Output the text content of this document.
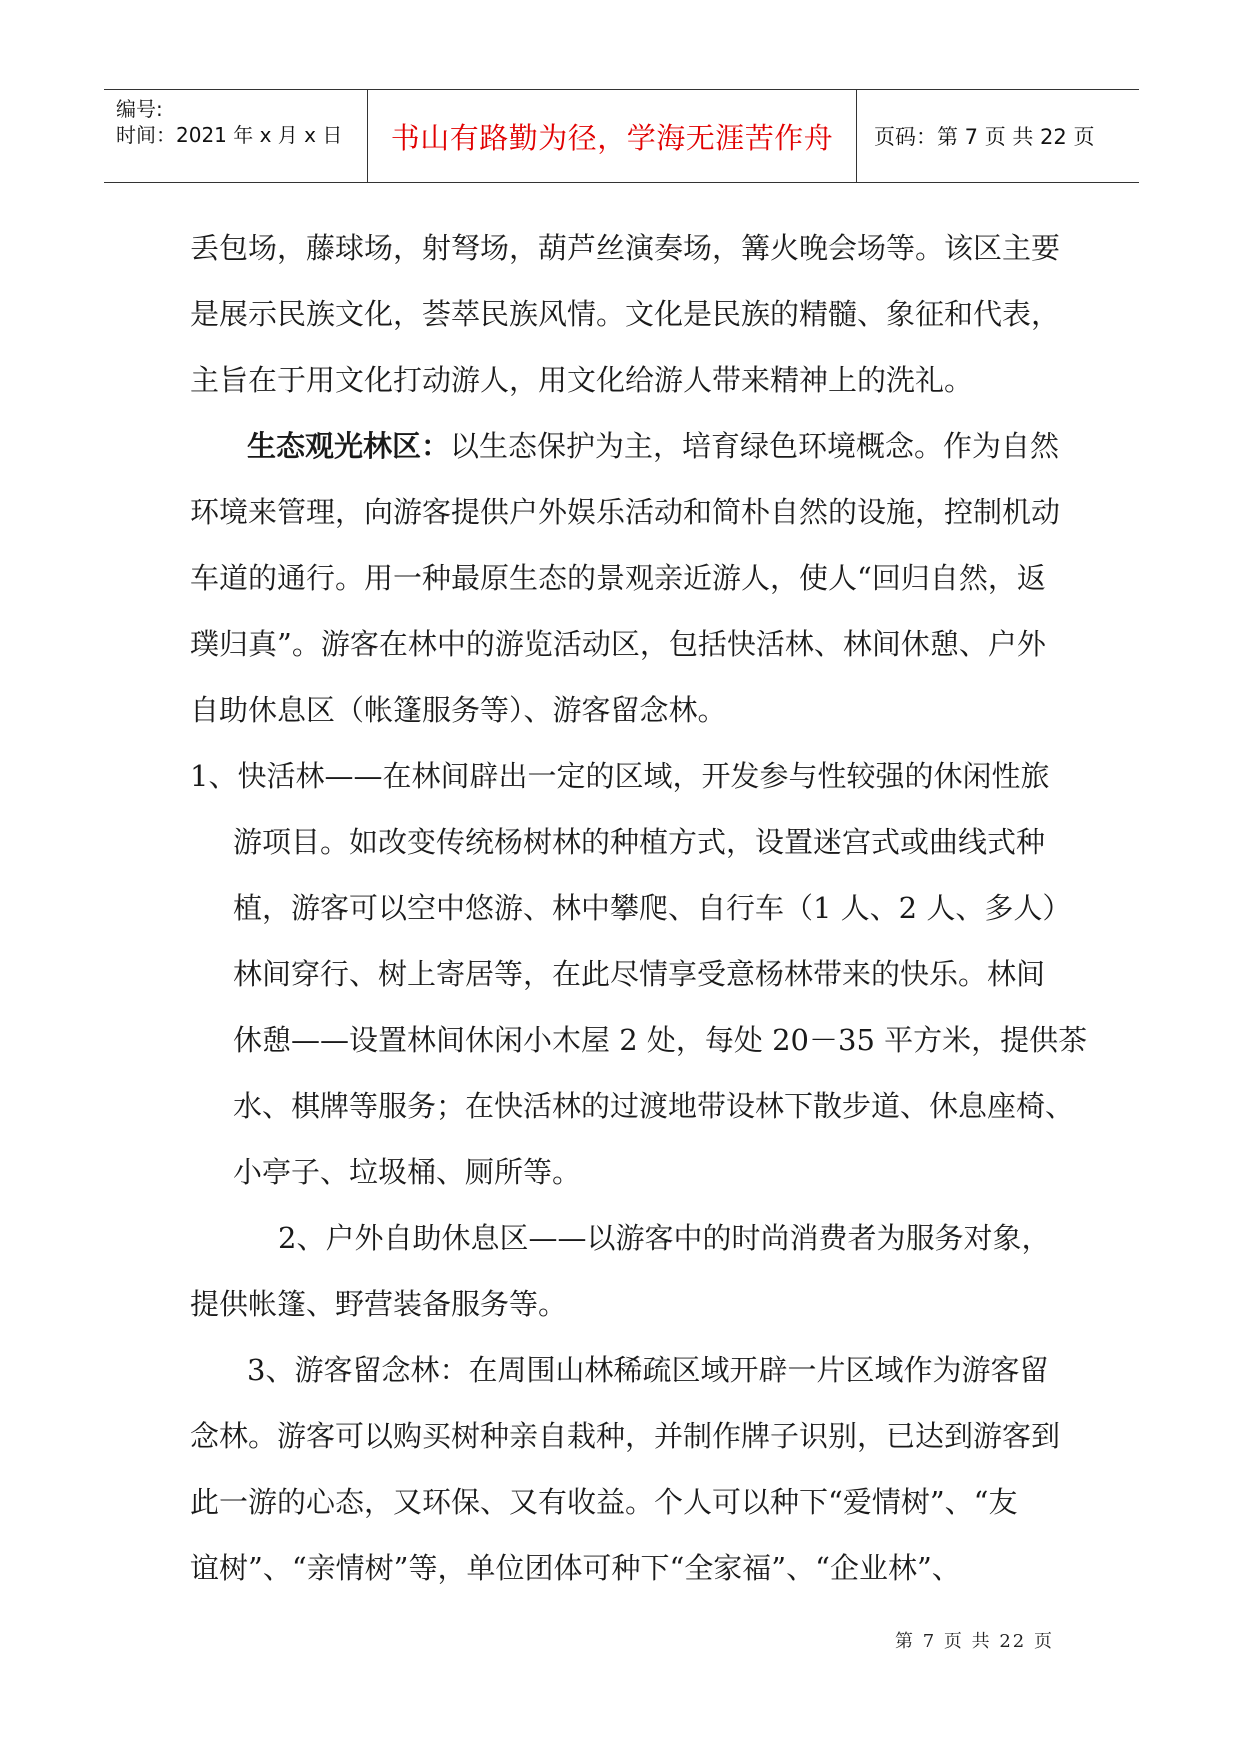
编号:
时间：2021 年 x 月 x 日	书山有路勤为径，学海无涯苦作舟	页码：第 7 页 共 22 页

丢包场，藤球场，射弩场，葫芦丝演奏场，篝火晚会场等。该区主要

是展示民族文化，荟萃民族风情。文化是民族的精髓、象征和代表，

主旨在于用文化打动游人，用文化给游人带来精神上的洗礼。

生态观光林区：以生态保护为主，培育绿色环境概念。作为自然

环境来管理，向游客提供户外娱乐活动和简朴自然的设施，控制机动

车道的通行。用一种最原生态的景观亲近游人，使人“回归自然，返

璞归真”。游客在林中的游览活动区，包括快活林、林间休憩、户外

自助休息区（帐篷服务等）、游客留念林。

1、快活林——在林间辟出一定的区域，开发参与性较强的休闲性旅

游项目。如改变传统杨树林的种植方式，设置迷宫式或曲线式种

植，游客可以空中悠游、林中攀爬、自行车（1 人、2 人、多人）

林间穿行、树上寄居等，在此尽情享受意杨林带来的快乐。林间

休憩——设置林间休闲小木屋 2 处，每处 20－35 平方米，提供茶

水、棋牌等服务；在快活林的过渡地带设林下散步道、休息座椅、

小亭子、垃圾桶、厕所等。

2、户外自助休息区——以游客中的时尚消费者为服务对象，

提供帐篷、野营装备服务等。

3、游客留念林：在周围山林稀疏区域开辟一片区域作为游客留

念林。游客可以购买树种亲自栽种，并制作牌子识别，已达到游客到

此一游的心态，又环保、又有收益。个人可以种下“爱情树”、“友

谊树”、“亲情树”等，单位团体可种下“全家福”、“企业林”、

第 7 页 共 22 页
